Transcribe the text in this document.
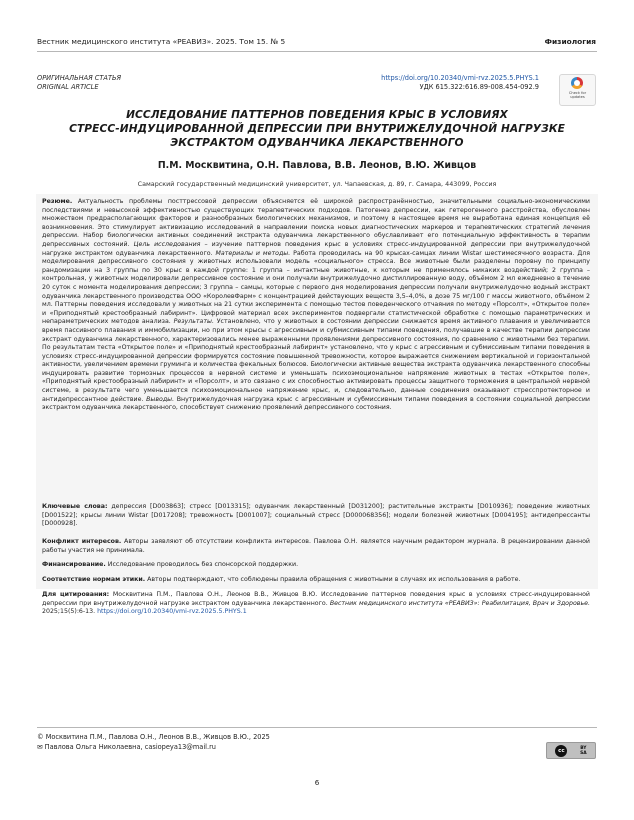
Вестник медицинского института «РЕАВИЗ». 2025. Том 15. № 5	Физиология
ОРИГИНАЛЬНАЯ СТАТЬЯ
ORIGINAL ARTICLE
https://doi.org/10.20340/vmi-rvz.2025.5.PHYS.1
УДК 615.322:616.89-008.454-092.9
Check for
updates
ИССЛЕДОВАНИЕ ПАТТЕРНОВ ПОВЕДЕНИЯ КРЫС В УСЛОВИЯХ
СТРЕСС-ИНДУЦИРОВАННОЙ ДЕПРЕССИИ ПРИ ВНУТРИЖЕЛУДОЧНОЙ НАГРУЗКЕ
ЭКСТРАКТОМ ОДУВАНЧИКА ЛЕКАРСТВЕННОГО
П.М. Москвитина, О.Н. Павлова, В.В. Леонов, В.Ю. Живцов
Самарский государственный медицинский университет, ул. Чапаевская, д. 89, г. Самара, 443099, Россия
Резюме. Актуальность проблемы посттрессовой депрессии объясняется её широкой распространённостью, значительными социально-экономическими последствиями и невысокой эффективностью существующих терапевтических подходов. Патогенез депрессии, как гетерогенного расстройства, обусловлен множеством предрасполагающих факторов и разнообразных биологических механизмов, и поэтому в настоящее время не выработана единая концепция её возникновения. Это стимулирует активизацию исследований в направлении поиска новых диагностических маркеров и терапевтических стратегий лечения депрессии. Набор биологически активных соединений экстракта одуванчика лекарственного обуславливает его потенциальную эффективность в терапии депрессивных состояний. Цель исследования – изучение паттернов поведения крыс в условиях стресс-индуцированной депрессии при внутрижелудочной нагрузке экстрактом одуванчика лекарственного. Материалы и методы. Работа проводилась на 90 крысах-самцах линии Wistar шестимесячного возраста. Для моделирования депрессивного состояния у животных использовали модель «социального» стресса. Все животные были разделены поровну по принципу рандомизации на 3 группы по 30 крыс в каждой группе: 1 группа – интактные животные, к которым не применялось никаких воздействий; 2 группа – контрольная, у животных моделировали депрессивное состояние и они получали внутрижелудочно дистиллированную воду, объёмом 2 мл ежедневно в течение 20 суток с момента моделирования депрессии; 3 группа – самцы, которые с первого дня моделирования депрессии получали внутрижелудочно водный экстракт одуванчика лекарственного производства ООО «КоролевФарм» с концентрацией действующих веществ 3,5–4,0%, в дозе 75 мг/100 г массы животного, объёмом 2 мл. Паттерны поведения исследовали у животных на 21 сутки эксперимента с помощью тестов поведенческого отчаяния по методу «Порсолт», «Открытое поле» и «Приподнятый крестообразный лабиринт». Цифровой материал всех экспериментов подвергали статистической обработке с помощью параметрических и непараметрических методов анализа. Результаты. Установлено, что у животных в состоянии депрессии снижается время активного плавания и увеличивается время пассивного плавания и иммобилизации, но при этом крысы с агрессивным и субмиссивным типами поведения, получавшие в качестве терапии депрессии экстракт одуванчика лекарственного, характеризовались менее выраженными проявлениями депрессивного состояния, по сравнению с животными без терапии. По результатам теста «Открытое поле» и «Приподнятый крестообразный лабиринт» установлено, что у крыс с агрессивным и субмиссивным типами поведения в условиях стресс-индуцированной депрессии формируется состояние повышенной тревожности, которое выражается снижением вертикальной и горизонтальной активности, увеличением времени груминга и количества фекальных болюсов. Биологически активные вещества экстракта одуванчика лекарственного способны индуцировать развитие тормозных процессов в нервной системе и уменьшать психоэмоциональное напряжение животных в тестах «Открытое поле», «Приподнятый крестообразный лабиринт» и «Порсолт», и это связано с их способностью активировать процессы защитного торможения в центральной нервной системе, в результате чего уменьшается психоэмоциональное напряжение крыс, и, следовательно, данные соединения оказывают стресспротекторное и антидепрессантное действие. Выводы. Внутрижелудочная нагрузка крыс с агрессивным и субмиссивным типами поведения в состоянии социальной депрессии экстрактом одуванчика лекарственного, способствует снижению проявлений депрессивного состояния.
Ключевые слова: депрессия [D003863]; стресс [D013315]; одуванчик лекарственный [D031200]; растительные экстракты [D010936]; поведение животных [D001522]; крысы линии Wistar [D017208]; тревожность [D001007]; социальный стресс [D000068356]; модели болезней животных [D004195]; антидепрессанты [D000928].
Конфликт интересов. Авторы заявляют об отсутствии конфликта интересов. Павлова О.Н. является научным редактором журнала. В рецензировании данной работы участия не принимала.
Финансирование. Исследование проводилось без спонсорской поддержки.
Соответствие нормам этики. Авторы подтверждают, что соблюдены правила обращения с животными в случаях их использования в работе.
Для цитирования: Москвитина П.М., Павлова О.Н., Леонов В.В., Живцов В.Ю. Исследование паттернов поведения крыс в условиях стресс-индуцированной депрессии при внутрижелудочной нагрузке экстрактом одуванчика лекарственного. Вестник медицинского института «РЕАВИЗ»: Реабилитация, Врач и Здоровье. 2025;15(5):6-13. https://doi.org/10.20340/vmi-rvz.2025.5.PHYS.1
© Москвитина П.М., Павлова О.Н., Леонов В.В., Живцов В.Ю., 2025
✉ Павлова Ольга Николаевна, casiopeya13@mail.ru	cc	BY
SA
6
